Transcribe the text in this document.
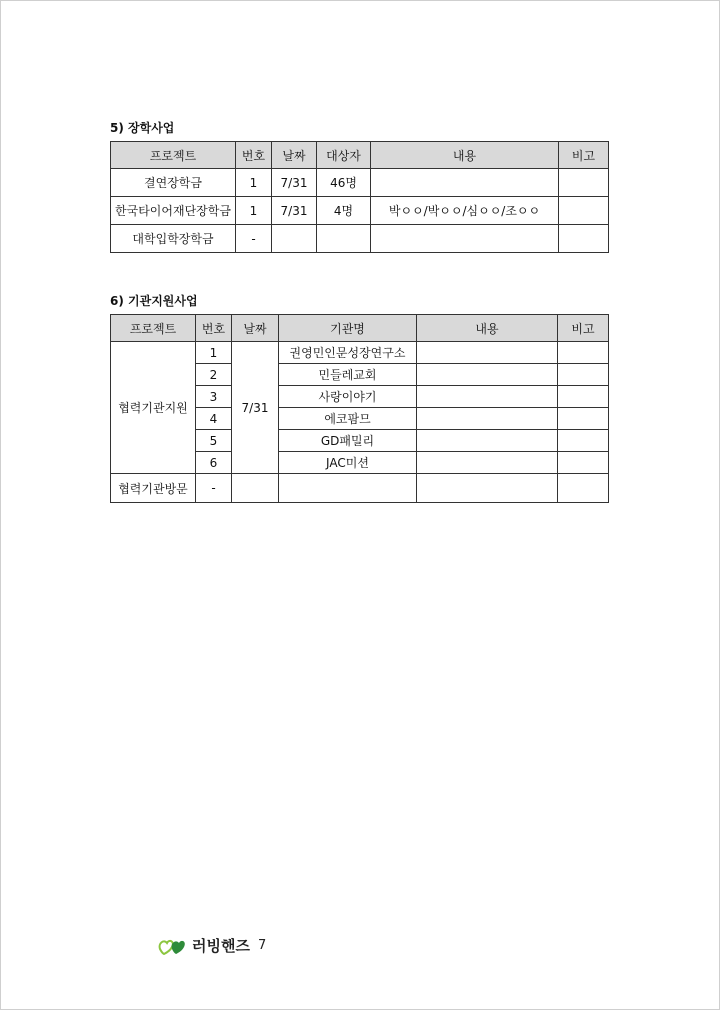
5) 장학사업
프로젝트	번호	날짜	대상자	내용	비고
결연장학금	1	7/31	46명		
한국타이어재단장학금	1	7/31	4명	박ㅇㅇ/박ㅇㅇ/심ㅇㅇ/조ㅇㅇ	
대학입학장학금	-				
6) 기관지원사업
프로젝트	번호	날짜	기관명	내용	비고
협력기관지원	1	7/31	권영민인문성장연구소		
	2		민들레교회		
	3		사랑이야기		
	4		에코팜므		
	5		GD패밀리		
	6		JAC미션		
협력기관방문	-				
러빙핸즈 7
